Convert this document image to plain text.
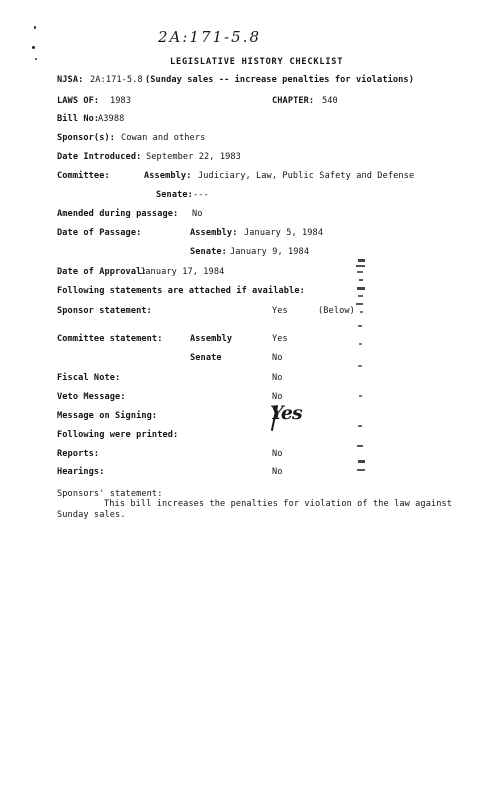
2A:171-5.8
LEGISLATIVE HISTORY CHECKLIST
NJSA: 2A:171-5.8 (Sunday sales -- increase penalties for violations)
LAWS OF: 1983	CHAPTER: 540
Bill No:
A3988
Sponsor(s): Cowan and others
Date Introduced: September 22, 1983
Committee:	Assembly: Judiciary, Law, Public Safety and Defense
Senate: ---
Amended during passage: No
Date of Passage:	Assembly: January 5, 1984
Senate: January 9, 1984
Date of Approval:
January 17, 1984
Following statements are attached if available:
Sponsor statement:	Yes	(Below)
Committee statement:	Assembly	Yes
Senate	No
Fiscal Note:	No
Veto Message:	No
Message on Signing:	Yes
Following were printed:
Reports:	No
Hearings:	No
Sponsors' statement:
This bill increases the penalties for violation of the law against
Sunday sales.
